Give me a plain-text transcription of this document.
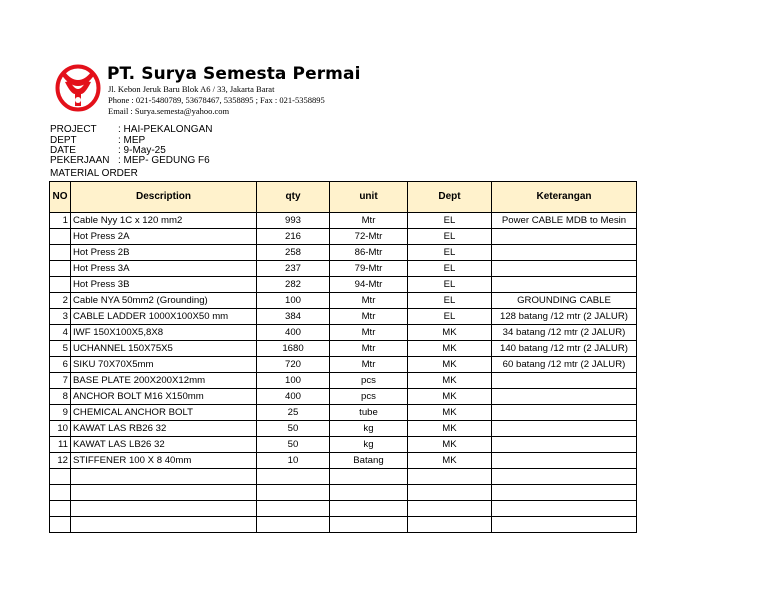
PT. Surya Semesta Permai
Jl. Kebon Jeruk Baru Blok A6 / 33, Jakarta Barat
Phone : 021-5480789, 53678467, 5358895 ; Fax : 021-5358895
Email : Surya.semesta@yahoo.com
PROJECT : HAI-PEKALONGAN
DEPT	: MEP
DATE	: 9-May-25
PEKERJAAN : MEP- GEDUNG F6
MATERIAL ORDER
NO	Description	qty	unit	Dept	Keterangan
1	Cable Nyy 1C x 120 mm2	993	Mtr	EL	Power CABLE MDB to Mesin
	Hot Press 2A	216	72-Mtr	EL	
	Hot Press 2B	258	86-Mtr	EL	
	Hot Press 3A	237	79-Mtr	EL	
	Hot Press 3B	282	94-Mtr	EL	
2	Cable NYA 50mm2 (Grounding)	100	Mtr	EL	GROUNDING CABLE
3	CABLE LADDER 1000X100X50 mm	384	Mtr	EL	128 batang /12 mtr (2 JALUR)
4	IWF 150X100X5,8X8	400	Mtr	MK	34 batang /12 mtr (2 JALUR)
5	UCHANNEL 150X75X5	1680	Mtr	MK	140 batang /12 mtr (2 JALUR)
6	SIKU 70X70X5mm	720	Mtr	MK	60 batang /12 mtr (2 JALUR)
7	BASE PLATE 200X200X12mm	100	pcs	MK	
8	ANCHOR BOLT M16 X150mm	400	pcs	MK	
9	CHEMICAL ANCHOR BOLT	25	tube	MK	
10	KAWAT LAS RB26 32	50	kg	MK	
11	KAWAT LAS LB26 32	50	kg	MK	
12	STIFFENER 100 X 8 40mm	10	Batang	MK	
